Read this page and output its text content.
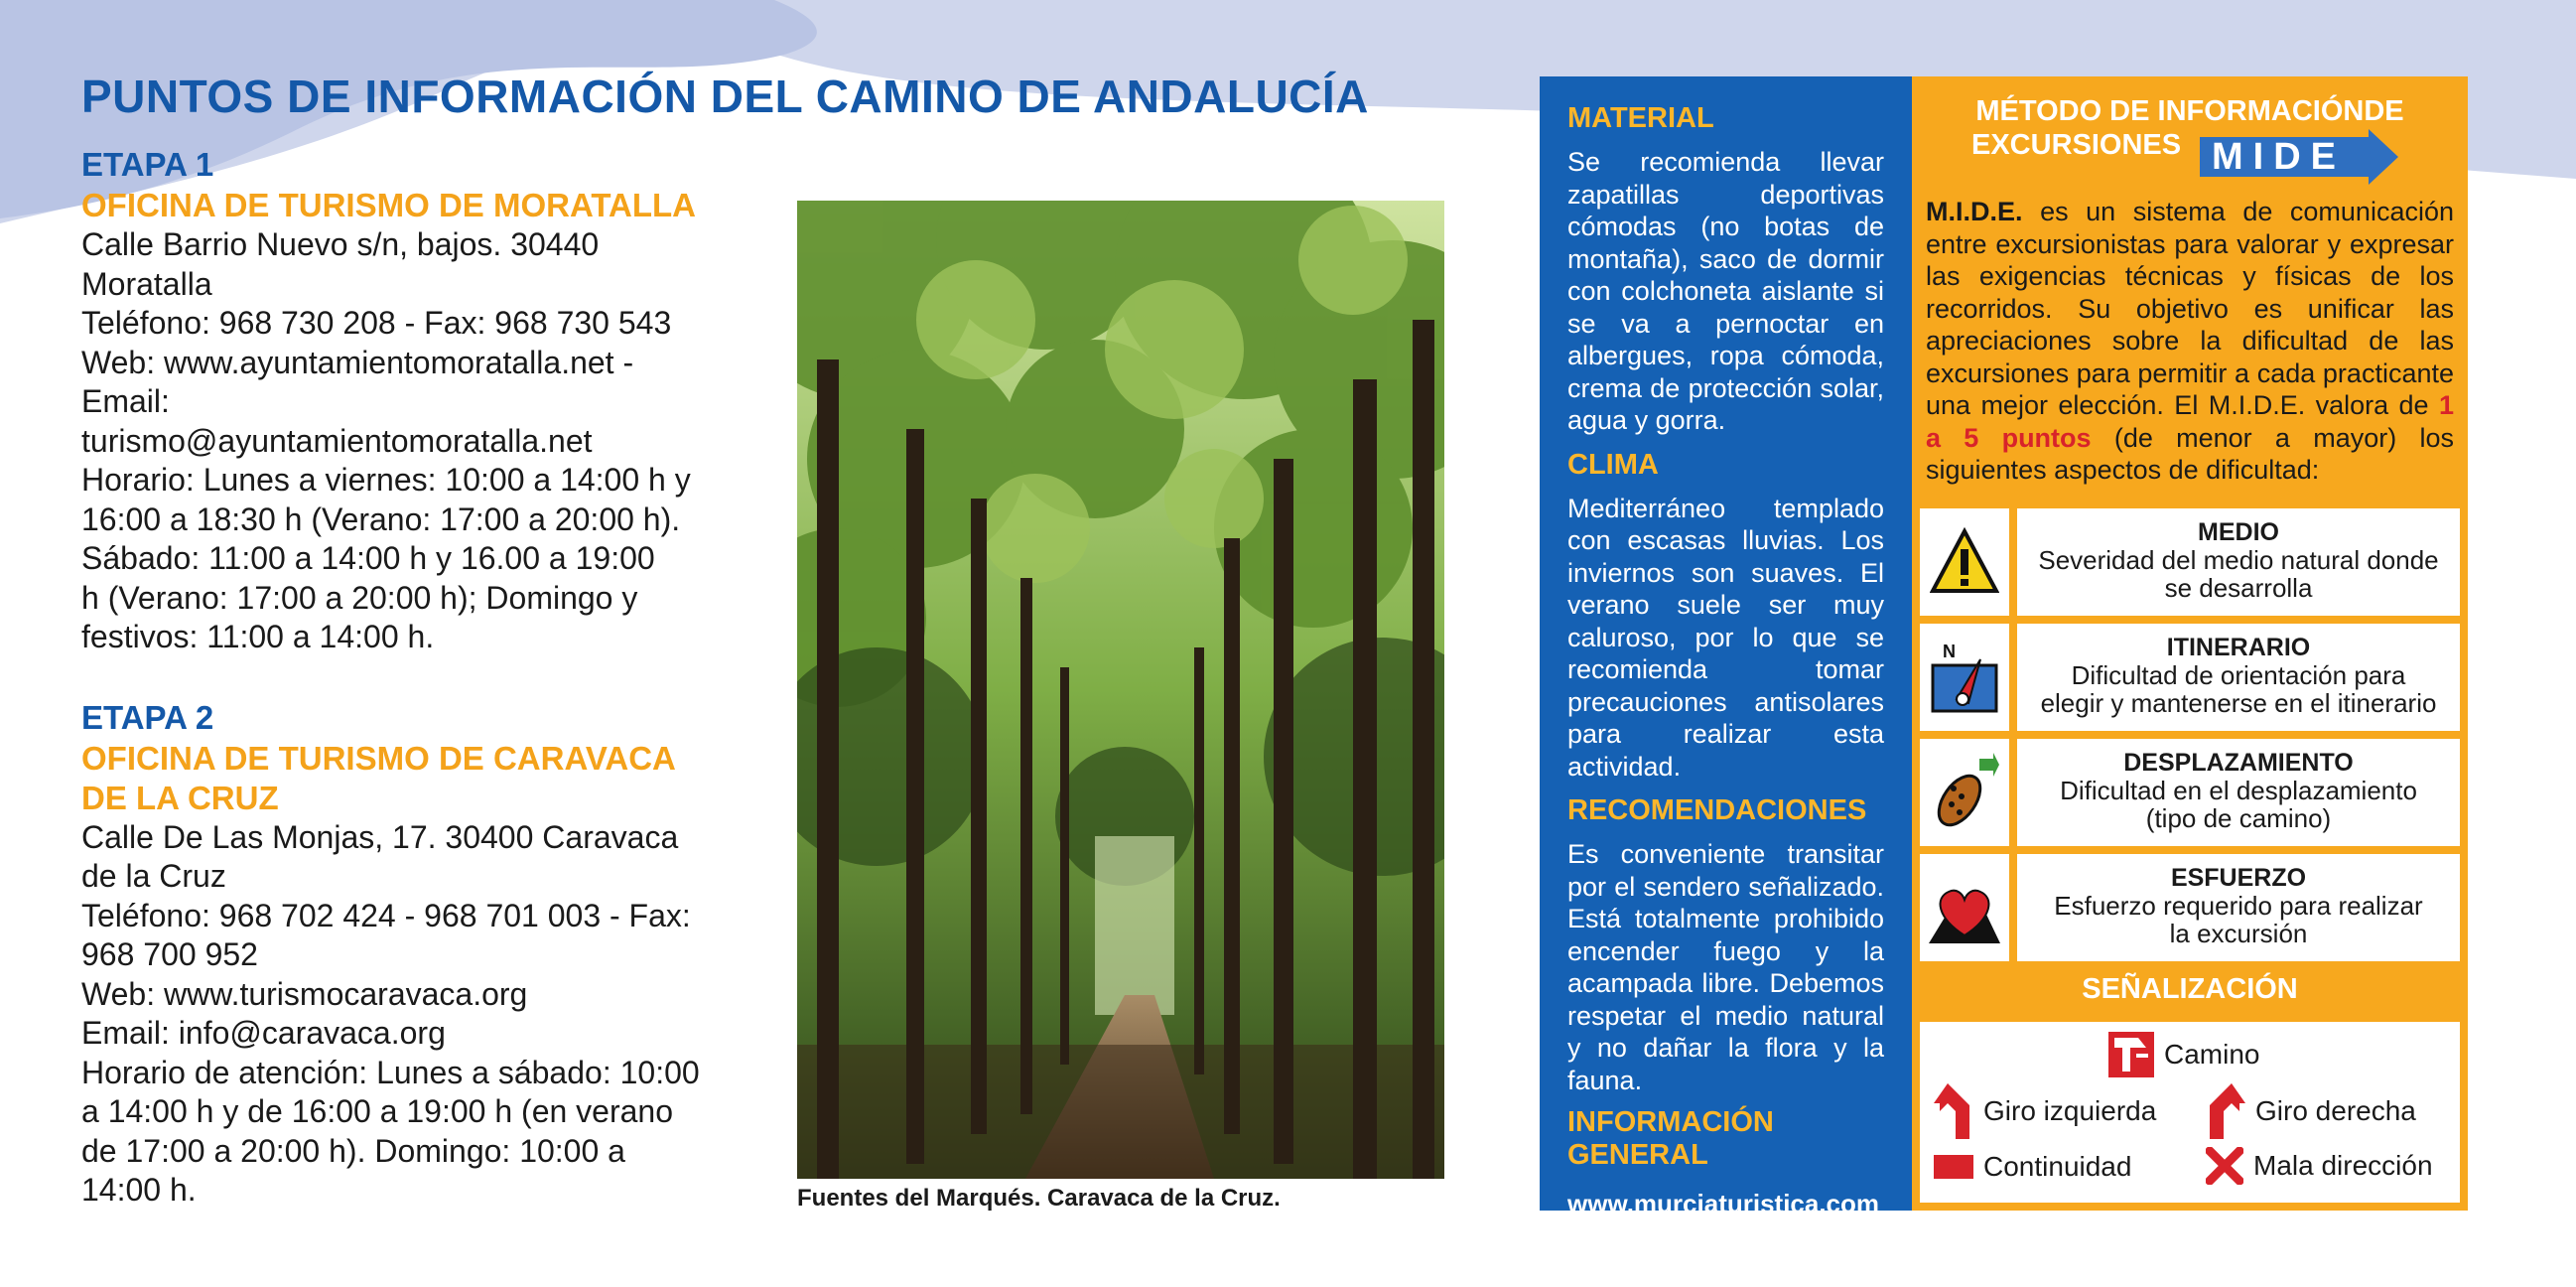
PUNTOS DE INFORMACIÓN DEL CAMINO DE ANDALUCÍA
ETAPA 1
OFICINA DE TURISMO DE MORATALLA
Calle Barrio Nuevo s/n, bajos. 30440
Moratalla
Teléfono: 968 730 208 - Fax: 968 730 543
Web: www.ayuntamientomoratalla.net - Email:
turismo@ayuntamientomoratalla.net
Horario: Lunes a viernes: 10:00 a 14:00 h y
16:00 a 18:30 h (Verano: 17:00 a 20:00 h).
Sábado: 11:00 a 14:00 h y 16.00 a 19:00
h (Verano: 17:00 a 20:00 h); Domingo y
festivos: 11:00 a 14:00 h.
ETAPA 2
OFICINA DE TURISMO DE CARAVACA
DE LA CRUZ
Calle De Las Monjas, 17. 30400 Caravaca
de la Cruz
Teléfono: 968 702 424 - 968 701 003 - Fax:
968 700 952
Web: www.turismocaravaca.org
Email: info@caravaca.org
Horario de atención: Lunes a sábado: 10:00
a 14:00 h y de 16:00 a 19:00 h (en verano
de 17:00 a 20:00 h). Domingo: 10:00 a
14:00 h.	Fuentes del Marqués. Caravaca de la Cruz.
MATERIAL
Se recomienda llevar zapatillas deportivas cómodas (no botas de montaña), saco de dormir con colchoneta aislante si se va a pernoctar en albergues, ropa cómoda, crema de protección solar, agua y gorra.
CLIMA
Mediterráneo templado con escasas lluvias. Los inviernos son suaves. El verano suele ser muy caluroso, por lo que se recomienda tomar precauciones antisolares para realizar esta actividad.
RECOMENDACIONES
Es conveniente transitar por el sendero señalizado. Está totalmente prohibido encender fuego y la acampada libre. Debemos respetar el medio natural y no dañar la flora y la fauna.
INFORMACIÓN
GENERAL
www.murciaturistica.com
www.cam.es
MÉTODO DE INFORMACIÓNDE
EXCURSIONES MIDE
M.I.D.E. es un sistema de comunicación entre excursionistas para valorar y expresar las exigencias técnicas y físicas de los recorridos. Su objetivo es unificar las apreciaciones sobre la dificultad de las excursiones para permitir a cada practicante una mejor elección. El M.I.D.E. valora de 1 a 5 puntos (de menor a mayor) los siguientes aspectos de dificultad:
MEDIO
Severidad del medio natural donde
se desarrolla
N	ITINERARIO
Dificultad de orientación para
elegir y mantenerse en el itinerario
DESPLAZAMIENTO
Dificultad en el desplazamiento
(tipo de camino)
ESFUERZO
Esfuerzo requerido para realizar
la excursión
SEÑALIZACIÓN
Camino
Giro izquierda	Giro derecha
Continuidad	Mala dirección
